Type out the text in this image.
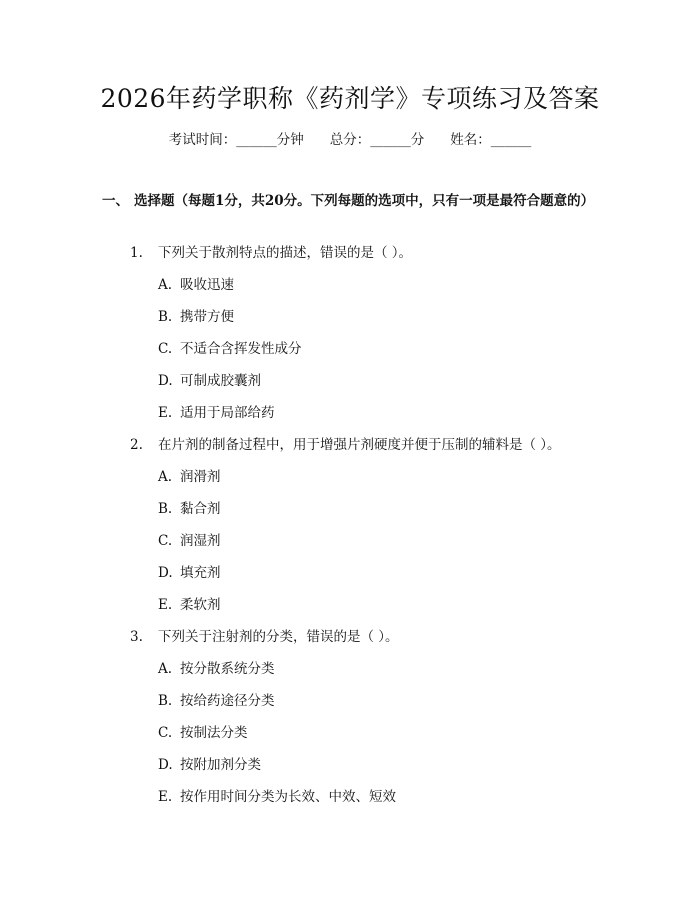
2026年药学职称《药剂学》专项练习及答案
考试时间：______分钟 总分：______分 姓名：______
一、 选择题（每题1分，共20分。下列每题的选项中，只有一项是最符合题意的）
1. 下列关于散剂特点的描述，错误的是（ ）。
A. 吸收迅速
B. 携带方便
C. 不适合含挥发性成分
D. 可制成胶囊剂
E. 适用于局部给药
2. 在片剂的制备过程中，用于增强片剂硬度并便于压制的辅料是（ ）。
A. 润滑剂
B. 黏合剂
C. 润湿剂
D. 填充剂
E. 柔软剂
3. 下列关于注射剂的分类，错误的是（ ）。
A. 按分散系统分类
B. 按给药途径分类
C. 按制法分类
D. 按附加剂分类
E. 按作用时间分类为长效、中效、短效
